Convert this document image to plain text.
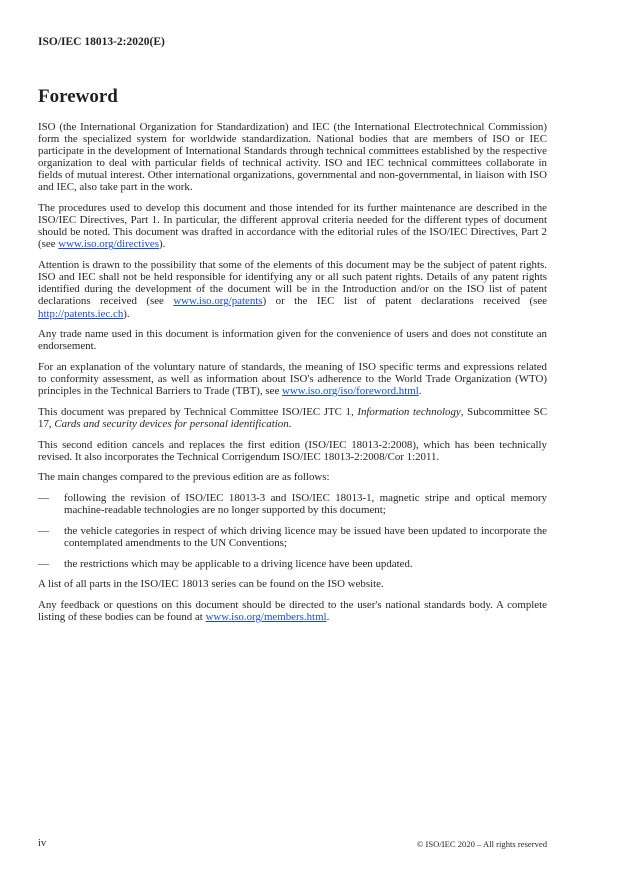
ISO/IEC 18013-2:2020(E)
Foreword

ISO (the International Organization for Standardization) and IEC (the International Electrotechnical Commission) form the specialized system for worldwide standardization. National bodies that are members of ISO or IEC participate in the development of International Standards through technical committees established by the respective organization to deal with particular fields of technical activity. ISO and IEC technical committees collaborate in fields of mutual interest. Other international organizations, governmental and non-governmental, in liaison with ISO and IEC, also take part in the work.

The procedures used to develop this document and those intended for its further maintenance are described in the ISO/IEC Directives, Part 1. In particular, the different approval criteria needed for the different types of document should be noted. This document was drafted in accordance with the editorial rules of the ISO/IEC Directives, Part 2 (see www.iso.org/directives).

Attention is drawn to the possibility that some of the elements of this document may be the subject of patent rights. ISO and IEC shall not be held responsible for identifying any or all such patent rights. Details of any patent rights identified during the development of the document will be in the Introduction and/or on the ISO list of patent declarations received (see www.iso.org/patents) or the IEC list of patent declarations received (see http://patents.iec.ch).

Any trade name used in this document is information given for the convenience of users and does not constitute an endorsement.

For an explanation of the voluntary nature of standards, the meaning of ISO specific terms and expressions related to conformity assessment, as well as information about ISO's adherence to the World Trade Organization (WTO) principles in the Technical Barriers to Trade (TBT), see www.iso.org/iso/foreword.html.

This document was prepared by Technical Committee ISO/IEC JTC 1, Information technology, Subcommittee SC 17, Cards and security devices for personal identification.

This second edition cancels and replaces the first edition (ISO/IEC 18013-2:2008), which has been technically revised. It also incorporates the Technical Corrigendum ISO/IEC 18013-2:2008/Cor 1:2011.

The main changes compared to the previous edition are as follows:

— following the revision of ISO/IEC 18013-3 and ISO/IEC 18013-1, magnetic stripe and optical memory machine-readable technologies are no longer supported by this document;
— the vehicle categories in respect of which driving licence may be issued have been updated to incorporate the contemplated amendments to the UN Conventions;
— the restrictions which may be applicable to a driving licence have been updated.

A list of all parts in the ISO/IEC 18013 series can be found on the ISO website.

Any feedback or questions on this document should be directed to the user's national standards body. A complete listing of these bodies can be found at www.iso.org/members.html.

iv	© ISO/IEC 2020 – All rights reserved
